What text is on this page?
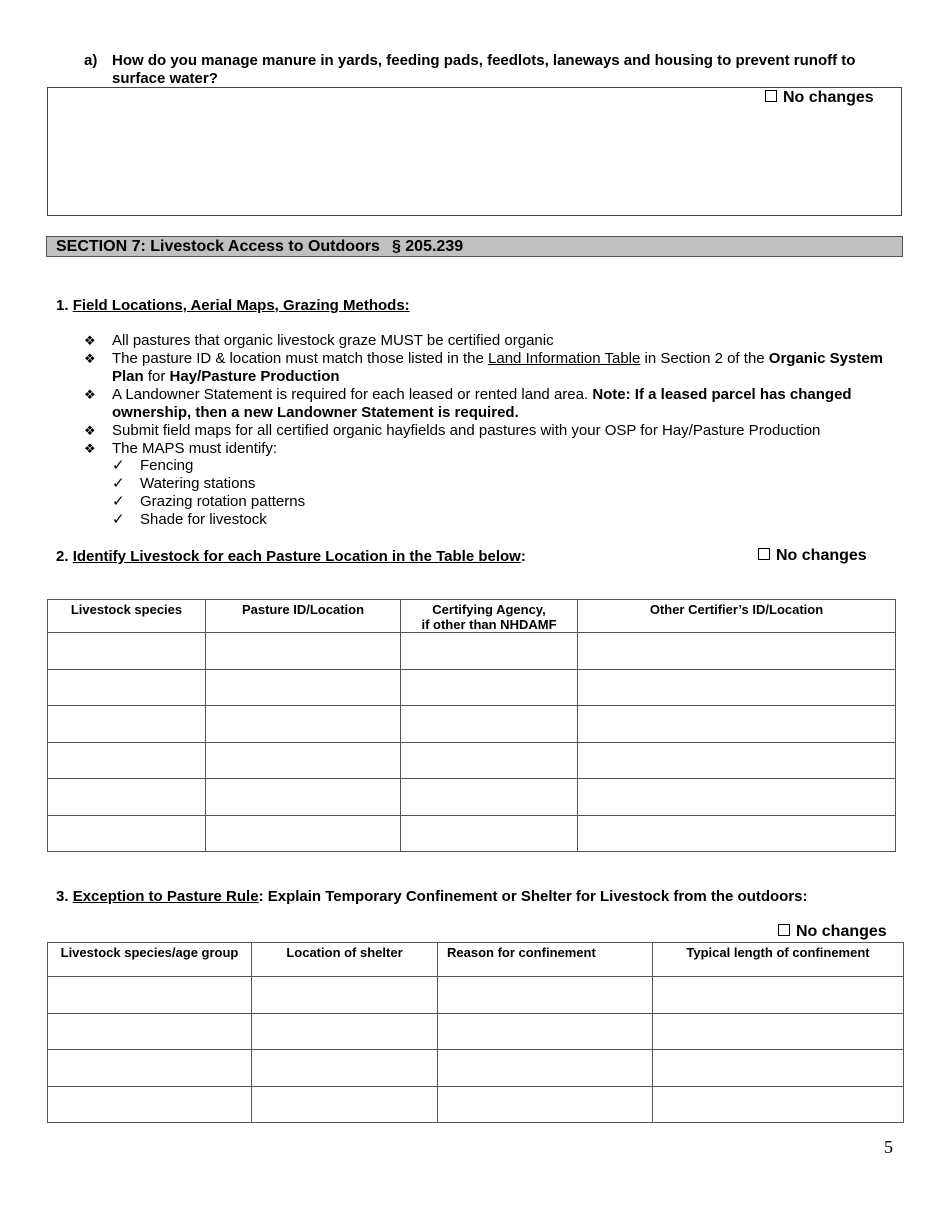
a) How do you manage manure in yards, feeding pads, feedlots, laneways and housing to prevent runoff to surface water?
No changes
SECTION 7: Livestock Access to Outdoors § 205.239
1. Field Locations, Aerial Maps, Grazing Methods:
❖ All pastures that organic livestock graze MUST be certified organic
❖ The pasture ID & location must match those listed in the Land Information Table in Section 2 of the Organic System Plan for Hay/Pasture Production
❖ A Landowner Statement is required for each leased or rented land area. Note: If a leased parcel has changed ownership, then a new Landowner Statement is required.
❖ Submit field maps for all certified organic hayfields and pastures with your OSP for Hay/Pasture Production
❖ The MAPS must identify:
✓ Fencing
✓ Watering stations
✓ Grazing rotation patterns
✓ Shade for livestock
2. Identify Livestock for each Pasture Location in the Table below:	No changes
Livestock species	Pasture ID/Location	Certifying Agency,
if other than NHDAMF	Other Certifier’s ID/Location

3. Exception to Pasture Rule: Explain Temporary Confinement or Shelter for Livestock from the outdoors:
No changes
Livestock species/age group	Location of shelter	Reason for confinement	Typical length of confinement

5
